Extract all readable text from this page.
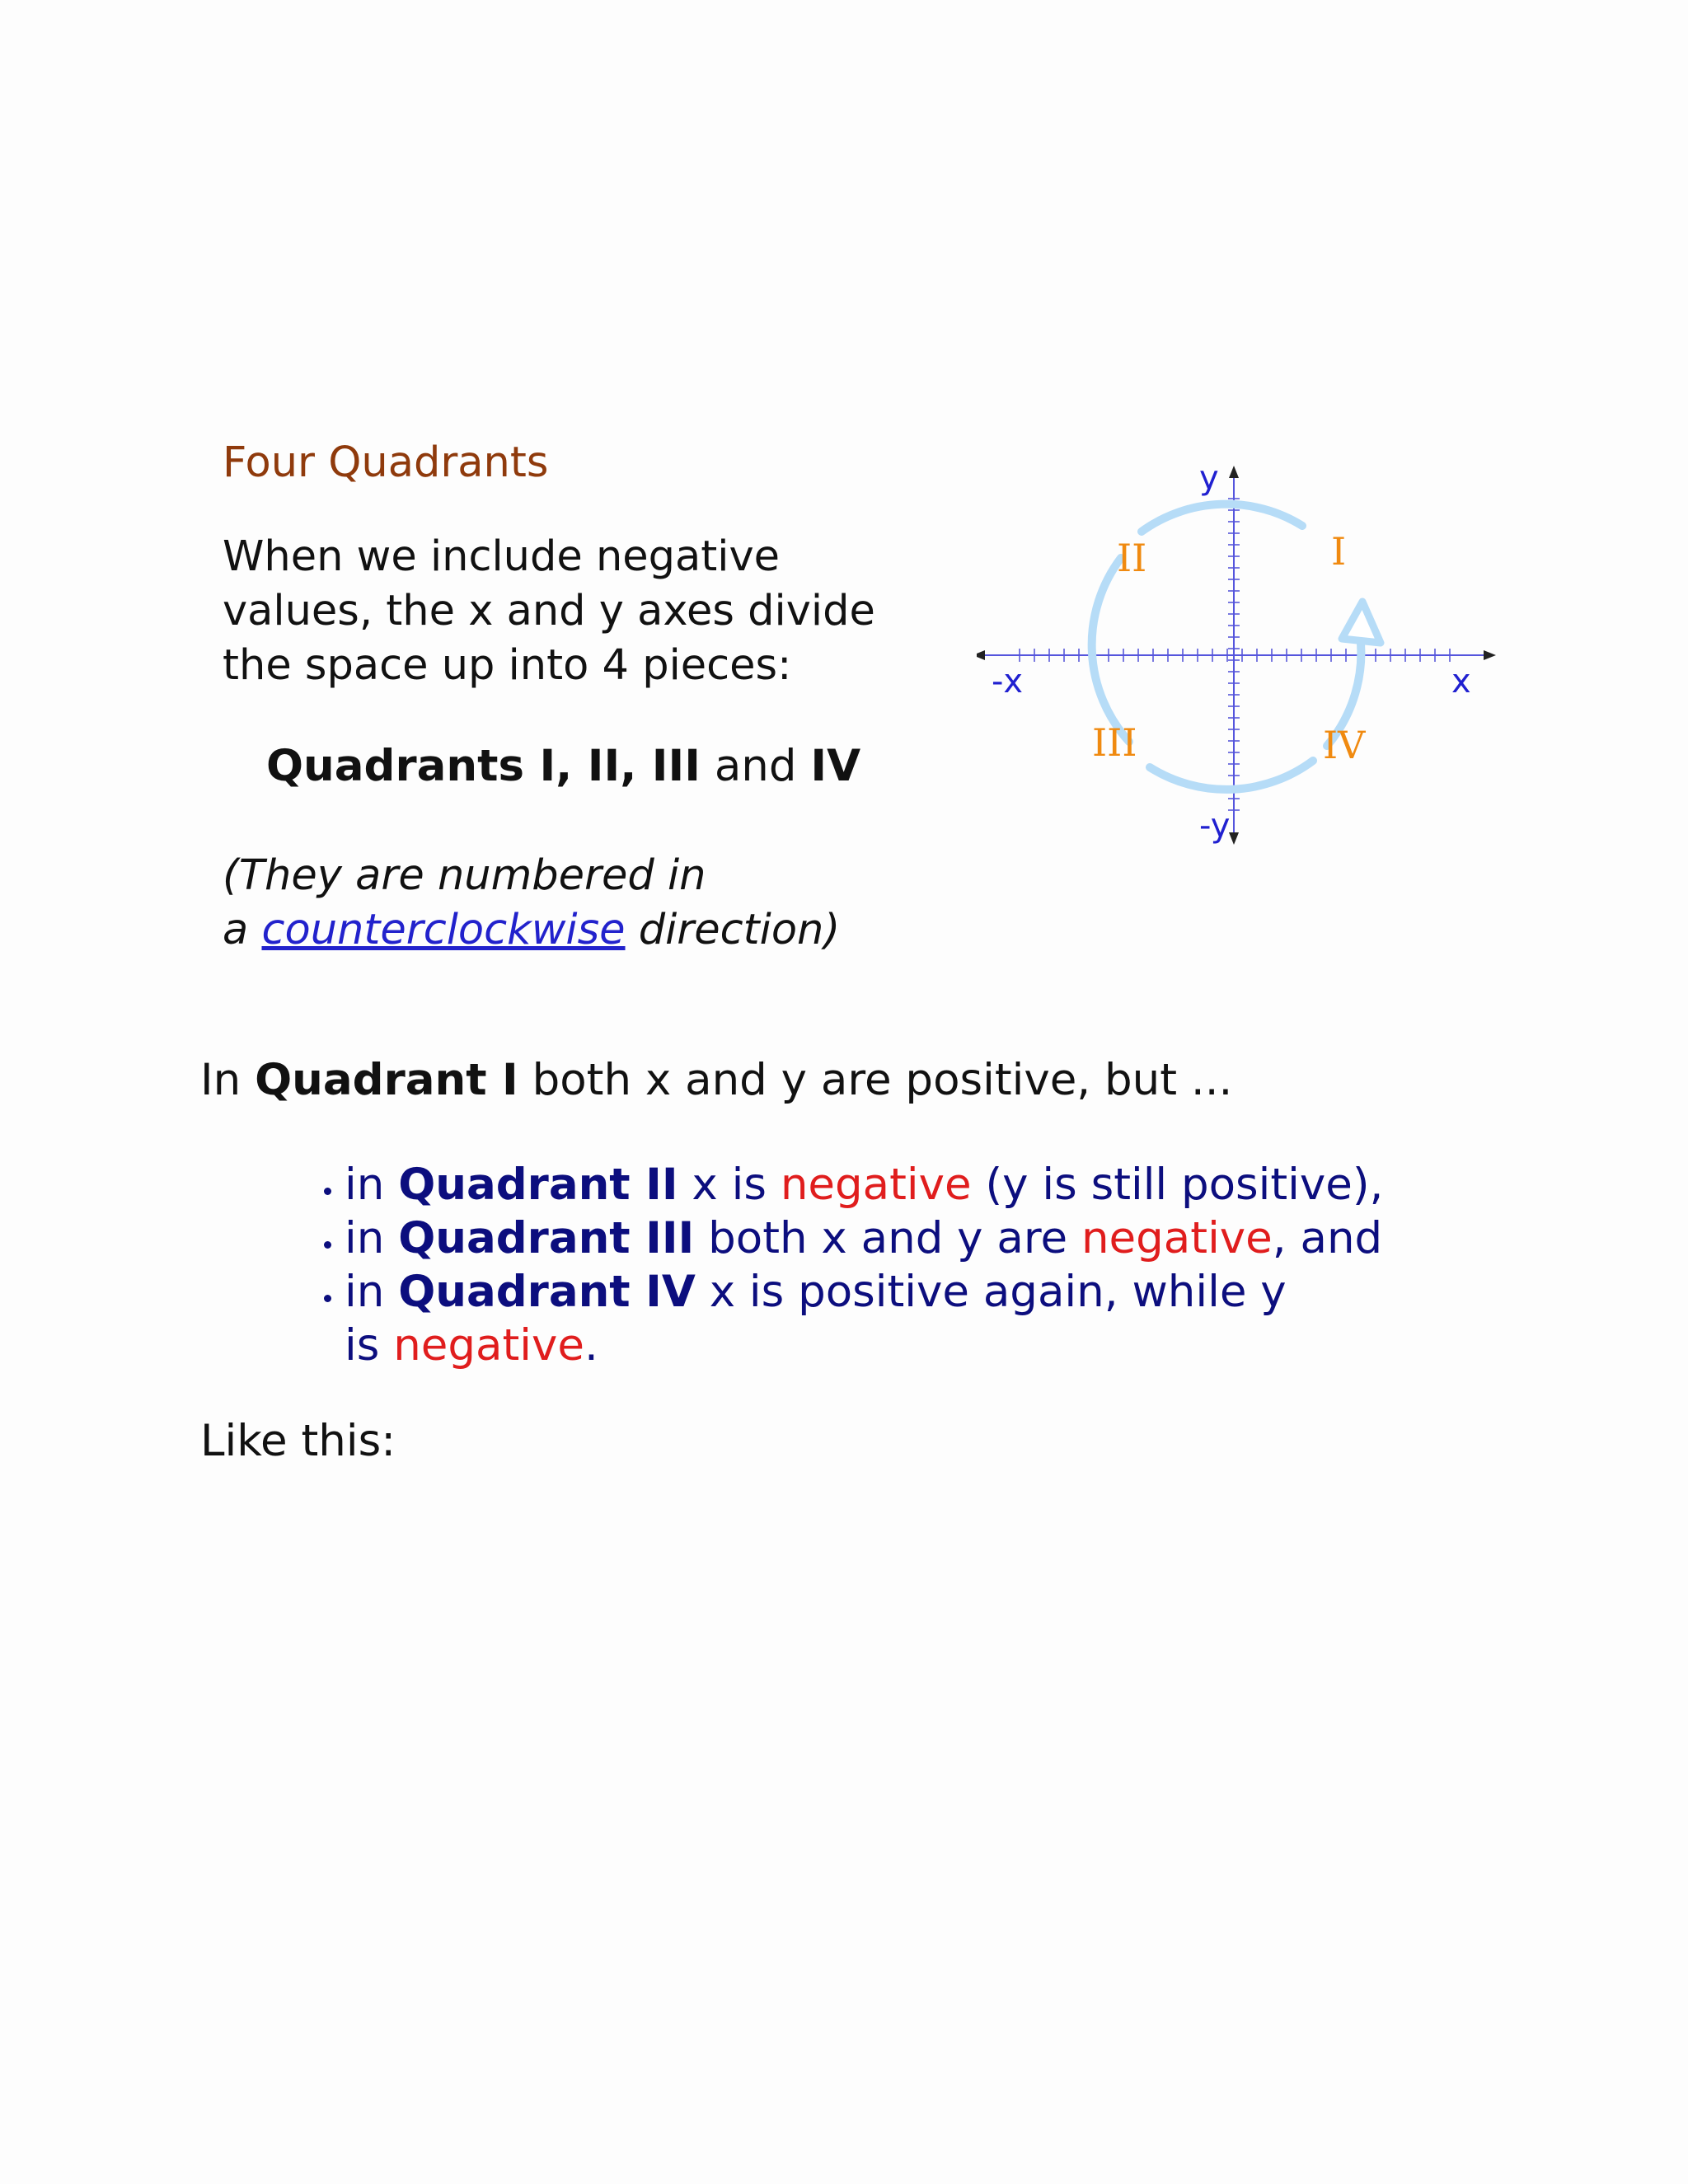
Four Quadrants
When we include negative
values, the x and y axes divide
the space up into 4 pieces:
Quadrants I, II, III and IV
(They are numbered in
a counterclockwise direction)
y
-y
x
-x
I
II
III	IV
In Quadrant I both x and y are positive, but ...
• in Quadrant II x is negative (y is still positive),
• in Quadrant III both x and y are negative, and
• in Quadrant IV x is positive again, while y
is negative.
Like this:
